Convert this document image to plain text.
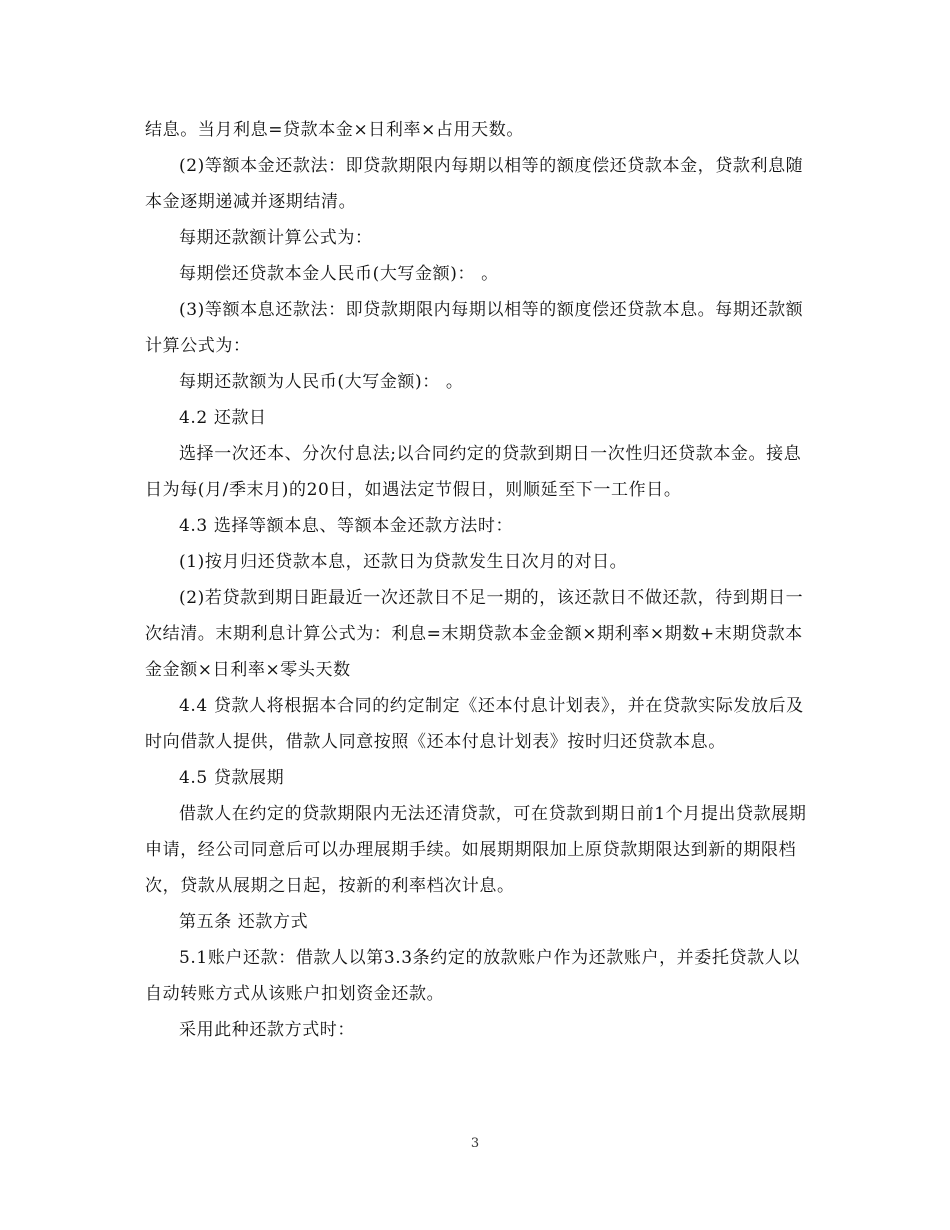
结息。当月利息=贷款本金×日利率×占用天数。

(2)等额本金还款法：即贷款期限内每期以相等的额度偿还贷款本金，贷款利息随本金逐期递减并逐期结清。

每期还款额计算公式为：

每期偿还贷款本金人民币(大写金额)： 。

(3)等额本息还款法：即贷款期限内每期以相等的额度偿还贷款本息。每期还款额计算公式为：

每期还款额为人民币(大写金额)： 。

4.2 还款日

选择一次还本、分次付息法;以合同约定的贷款到期日一次性归还贷款本金。接息日为每(月/季末月)的20日，如遇法定节假日，则顺延至下一工作日。

4.3 选择等额本息、等额本金还款方法时：

(1)按月归还贷款本息，还款日为贷款发生日次月的对日。

(2)若贷款到期日距最近一次还款日不足一期的，该还款日不做还款，待到期日一次结清。末期利息计算公式为：利息=末期贷款本金金额×期利率×期数+末期贷款本金金额×日利率×零头天数

4.4 贷款人将根据本合同的约定制定《还本付息计划表》，并在贷款实际发放后及时向借款人提供，借款人同意按照《还本付息计划表》按时归还贷款本息。

4.5 贷款展期

借款人在约定的贷款期限内无法还清贷款，可在贷款到期日前1个月提出贷款展期申请，经公司同意后可以办理展期手续。如展期期限加上原贷款期限达到新的期限档次，贷款从展期之日起，按新的利率档次计息。

第五条 还款方式

5.1账户还款：借款人以第3.3条约定的放款账户作为还款账户，并委托贷款人以自动转账方式从该账户扣划资金还款。

采用此种还款方式时：

3
